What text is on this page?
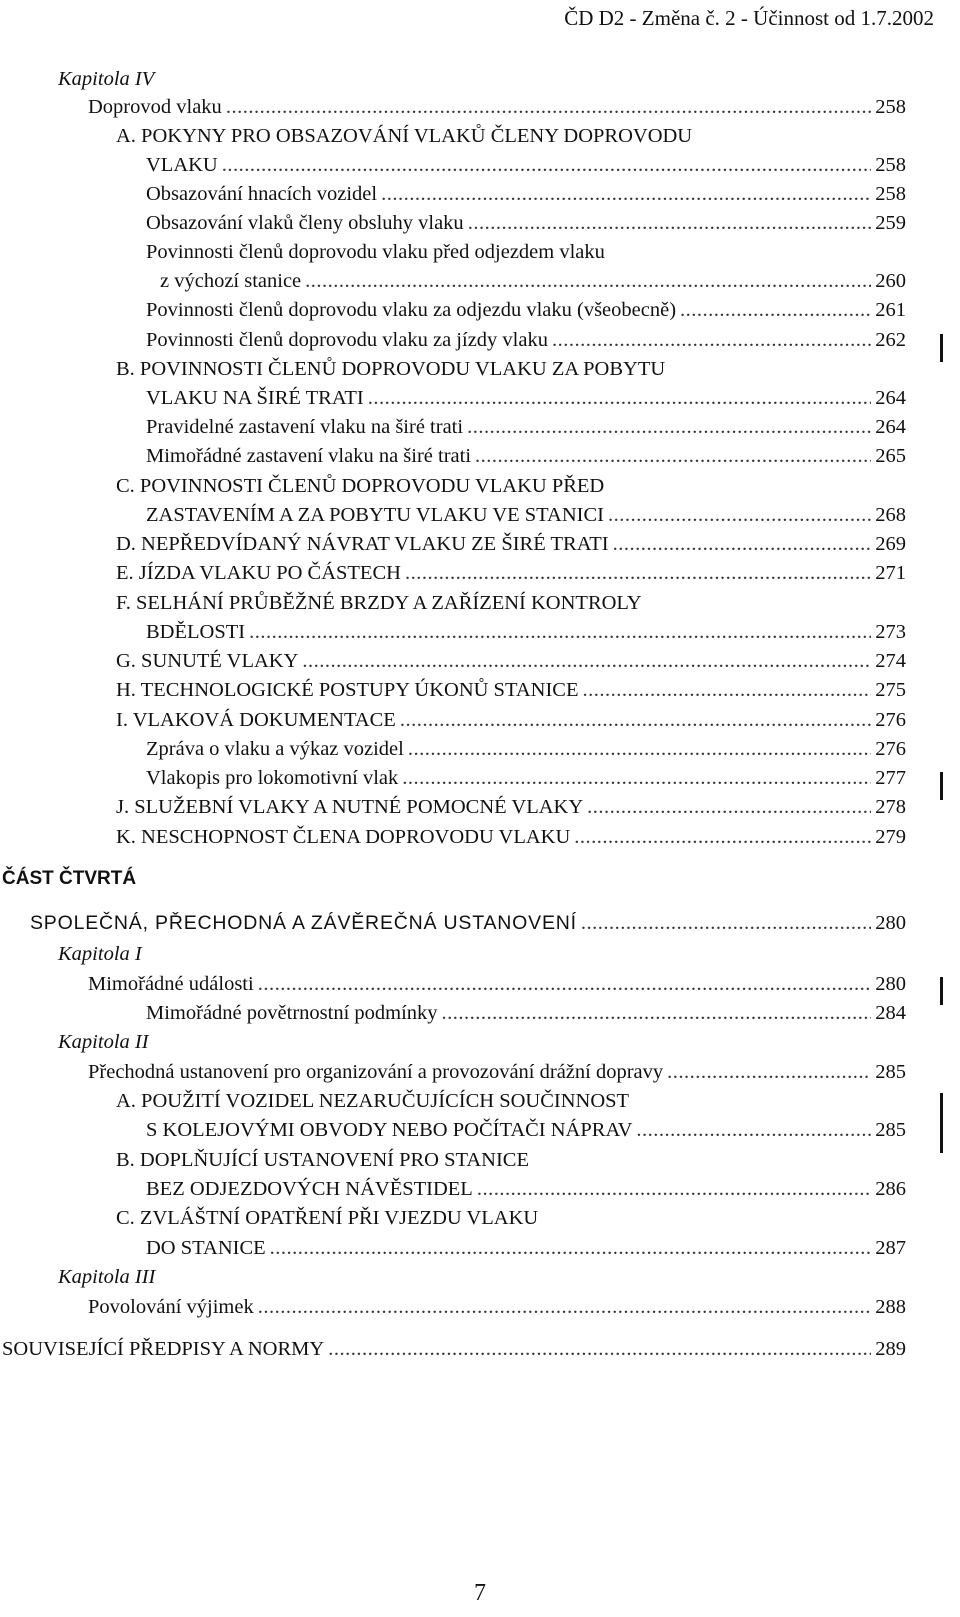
ČD D2 - Změna č. 2 - Účinnost od 1.7.2002
Kapitola IV
Doprovod vlaku .....	258
A. POKYNY PRO OBSAZOVÁNÍ VLAKŮ ČLENY DOPROVODU
VLAKU .....	258
Obsazování hnacích vozidel .....	258
Obsazování vlaků členy obsluhy vlaku .....	259
Povinnosti členů doprovodu vlaku před odjezdem vlaku
z výchozí stanice .....	260
Povinnosti členů doprovodu vlaku za odjezdu vlaku (všeobecně) .....	261
Povinnosti členů doprovodu vlaku za jízdy vlaku .....	262
B. POVINNOSTI ČLENŮ DOPROVODU VLAKU ZA POBYTU
VLAKU NA ŠIRÉ TRATI .....	264
Pravidelné zastavení vlaku na širé trati .....	264
Mimořádné zastavení vlaku na širé trati .....	265
C. POVINNOSTI ČLENŮ DOPROVODU VLAKU PŘED
ZASTAVENÍM A ZA POBYTU VLAKU VE STANICI .....	268
D. NEPŘEDVÍDANÝ NÁVRAT VLAKU ZE ŠIRÉ TRATI .....	269
E. JÍZDA VLAKU PO ČÁSTECH .....	271
F. SELHÁNÍ PRŮBĚŽNÉ BRZDY A ZAŘÍZENÍ KONTROLY
BDĚLOSTI .....	273
G. SUNUTÉ VLAKY .....	274
H. TECHNOLOGICKÉ POSTUPY ÚKONŮ STANICE .....	275
I. VLAKOVÁ DOKUMENTACE .....	276
Zpráva o vlaku a výkaz vozidel .....	276
Vlakopis pro lokomotivní vlak .....	277
J. SLUŽEBNÍ VLAKY A NUTNÉ POMOCNÉ VLAKY .....	278
K. NESCHOPNOST ČLENA DOPROVODU VLAKU .....	279
ČÁST ČTVRTÁ
SPOLEČNÁ, PŘECHODNÁ A ZÁVĚREČNÁ USTANOVENÍ .....	280
Kapitola I
Mimořádné události .....	280
Mimořádné povětrnostní podmínky .....	284
Kapitola II
Přechodná ustanovení pro organizování a provozování drážní dopravy .....	285
A. POUŽITÍ VOZIDEL NEZARUČUJÍCÍCH SOUČINNOST
S KOLEJOVÝMI OBVODY NEBO POČÍTAČI NÁPRAV .....	285
B. DOPLŇUJÍCÍ USTANOVENÍ PRO STANICE
BEZ ODJEZDOVÝCH NÁVĚSTIDEL .....	286
C. ZVLÁŠTNÍ OPATŘENÍ PŘI VJEZDU VLAKU
DO STANICE .....	287
Kapitola III
Povolování výjimek .....	288
SOUVISEJÍCÍ PŘEDPISY A NORMY .....	289
7
